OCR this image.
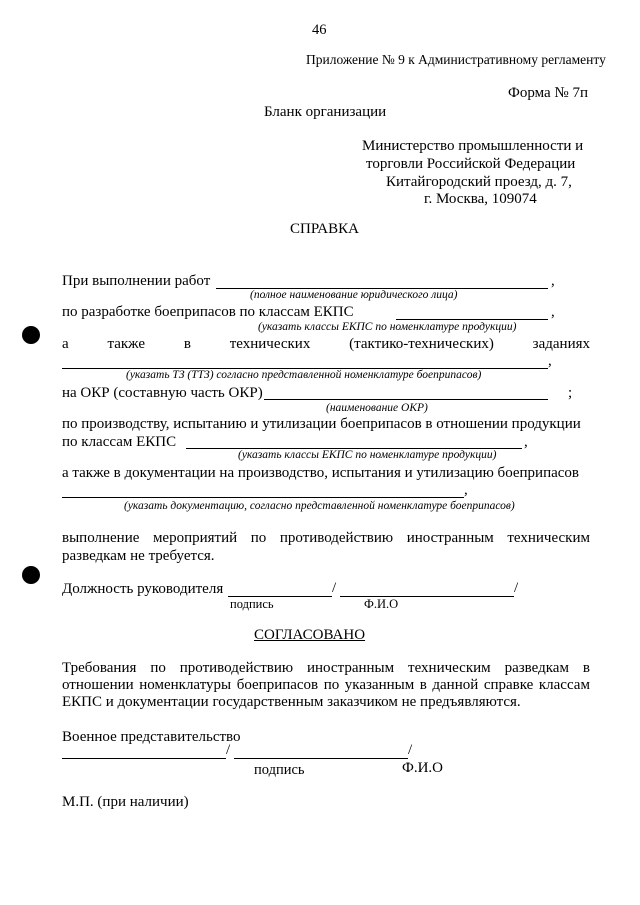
46
Приложение № 9 к Административному регламенту
Форма № 7п
Бланк организации
Министерство промышленности и
торговли Российской Федерации
Китайгородский проезд, д. 7,
г. Москва, 109074
СПРАВКА
При выполнении работ	,
(полное наименование юридического лица)
по разработке боеприпасов по классам ЕКПС	,
(указать классы ЕКПС по номенклатуре продукции)
а	также	в	технических	(тактико-технических)	заданиях
,
(указать ТЗ (ТТЗ) согласно представленной номенклатуре боеприпасов)
на ОКР (составную часть ОКР)	;
(наименование ОКР)
по производству, испытанию и утилизации боеприпасов в отношении продукции
по классам ЕКПС	,
(указать классы ЕКПС по номенклатуре продукции)
а также в документации на производство, испытания и утилизацию боеприпасов
,
(указать документацию, согласно представленной номенклатуре боеприпасов)
выполнение мероприятий по противодействию иностранным техническим
разведкам не требуется.
Должность руководителя	/	/
подпись	Ф.И.О
СОГЛАСОВАНО
Требования по противодействию иностранным техническим разведкам в
отношении номенклатуры боеприпасов по указанным в данной справке классам
ЕКПС и документации государственным заказчиком не предъявляются.
Военное представительство
/	/
подпись	Ф.И.О
М.П. (при наличии)
